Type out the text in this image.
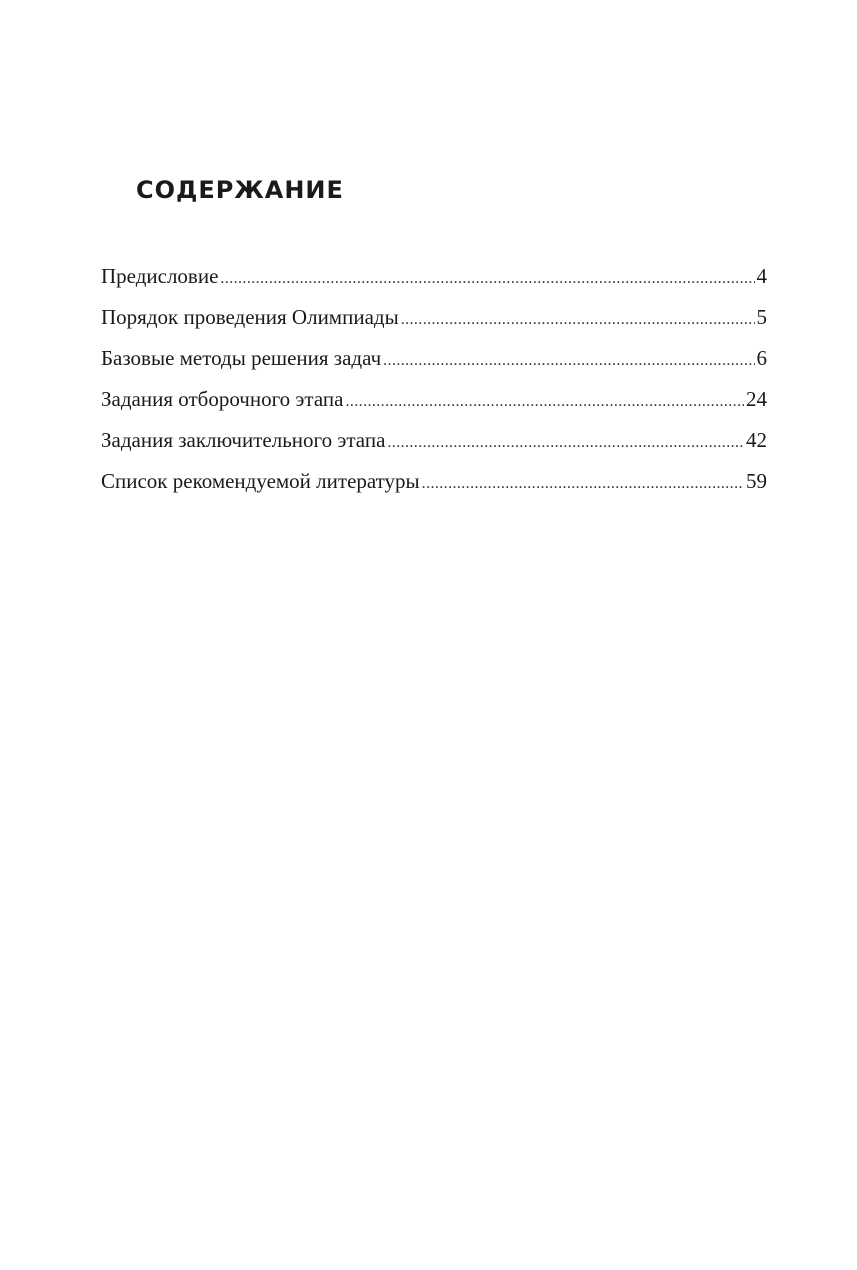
СОДЕРЖАНИЕ
Предисловие .....	4
Порядок проведения Олимпиады .....	5
Базовые методы решения задач .....	6
Задания отборочного этапа .....	24
Задания заключительного этапа .....	42
Список рекомендуемой литературы .....	59
